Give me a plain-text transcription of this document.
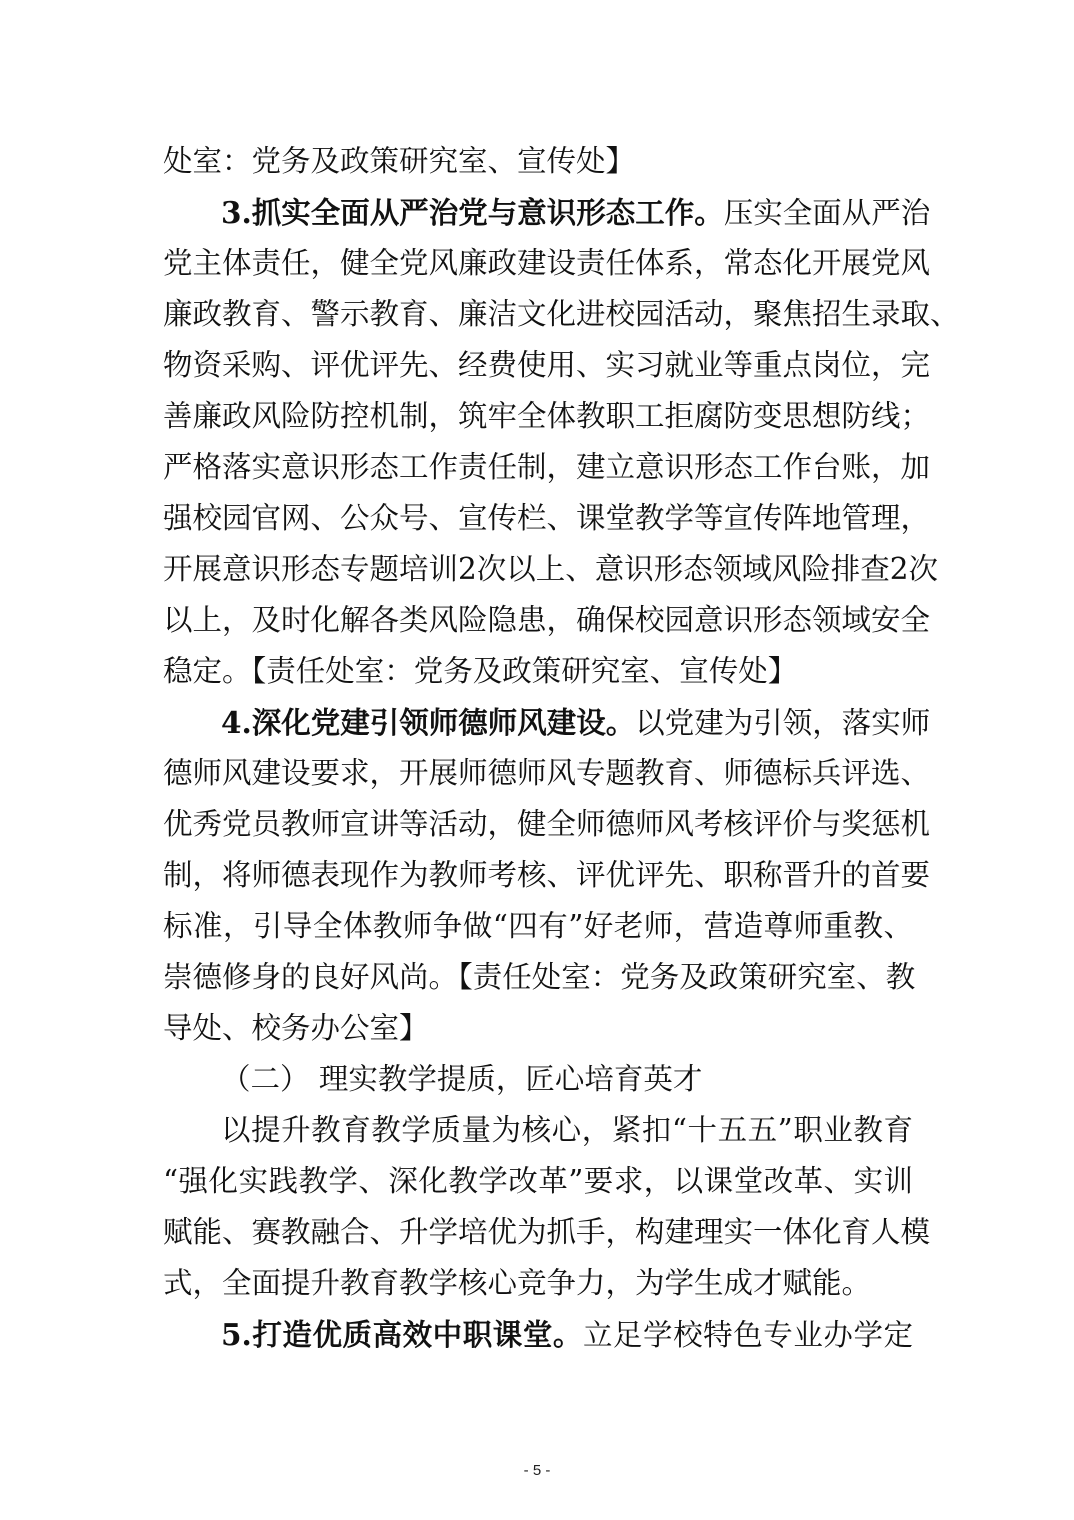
处室：党务及政策研究室、宣传处】
3.抓实全面从严治党与意识形态工作。压实全面从严治
党主体责任，健全党风廉政建设责任体系，常态化开展党风
廉政教育、警示教育、廉洁文化进校园活动，聚焦招生录取、
物资采购、评优评先、经费使用、实习就业等重点岗位，完
善廉政风险防控机制，筑牢全体教职工拒腐防变思想防线；
严格落实意识形态工作责任制，建立意识形态工作台账，加
强校园官网、公众号、宣传栏、课堂教学等宣传阵地管理，
开展意识形态专题培训2次以上、意识形态领域风险排查2次
以上，及时化解各类风险隐患，确保校园意识形态领域安全
稳定。【责任处室：党务及政策研究室、宣传处】
4.深化党建引领师德师风建设。以党建为引领，落实师
德师风建设要求，开展师德师风专题教育、师德标兵评选、
优秀党员教师宣讲等活动，健全师德师风考核评价与奖惩机
制，将师德表现作为教师考核、评优评先、职称晋升的首要
标准，引导全体教师争做“四有”好老师，营造尊师重教、
崇德修身的良好风尚。【责任处室：党务及政策研究室、教
导处、校务办公室】
（二） 理实教学提质，匠心培育英才
以提升教育教学质量为核心，紧扣“十五五”职业教育
“强化实践教学、深化教学改革”要求，以课堂改革、实训
赋能、赛教融合、升学培优为抓手，构建理实一体化育人模
式，全面提升教育教学核心竞争力，为学生成才赋能。
5.打造优质高效中职课堂。立足学校特色专业办学定
- 5 -
